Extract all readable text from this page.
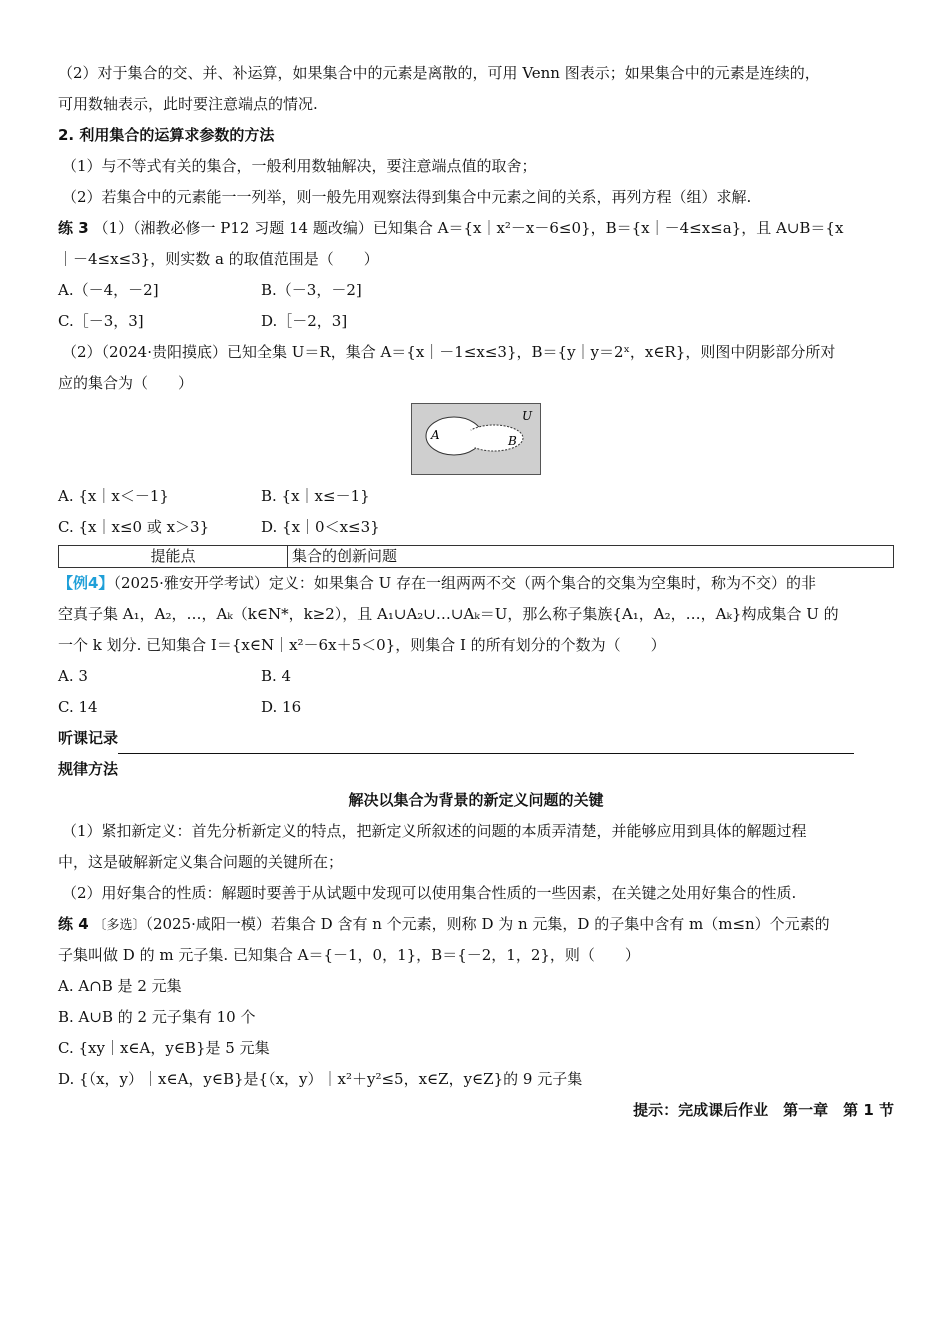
（2）对于集合的交、并、补运算，如果集合中的元素是离散的，可用 Venn 图表示；如果集合中的元素是连续的，
可用数轴表示，此时要注意端点的情况.
2. 利用集合的运算求参数的方法
（1）与不等式有关的集合，一般利用数轴解决，要注意端点值的取舍；
（2）若集合中的元素能一一列举，则一般先用观察法得到集合中元素之间的关系，再列方程（组）求解.
练 3 （1）（湘教必修一 P12 习题 14 题改编）已知集合 A＝{x｜x²－x－6≤0}，B＝{x｜－4≤x≤a}，且 A∪B＝{x
｜－4≤x≤3}，则实数 a 的取值范围是（　　）
A.（－4，－2]	B.（－3，－2]
C.［－3，3]	D.［－2，3]
（2）（2024·贵阳摸底）已知全集 U＝R，集合 A＝{x｜－1≤x≤3}，B＝{y｜y＝2ˣ，x∈R}，则图中阴影部分所对
应的集合为（　　）
U
A	B
A. {x｜x＜－1}	B. {x｜x≤－1}
C. {x｜x≤0 或 x＞3}	D. {x｜0＜x≤3}
提能点	集合的创新问题
【例4】（2025·雅安开学考试）定义：如果集合 U 存在一组两两不交（两个集合的交集为空集时，称为不交）的非
空真子集 A₁，A₂，…，Aₖ（k∈N*，k≥2），且 A₁∪A₂∪…∪Aₖ＝U，那么称子集族{A₁，A₂，…，Aₖ}构成集合 U 的
一个 k 划分. 已知集合 I＝{x∈N｜x²－6x＋5＜0}，则集合 I 的所有划分的个数为（　　）
A. 3	B. 4
C. 14	D. 16
听课记录
规律方法
解决以集合为背景的新定义问题的关键
（1）紧扣新定义：首先分析新定义的特点，把新定义所叙述的问题的本质弄清楚，并能够应用到具体的解题过程
中，这是破解新定义集合问题的关键所在；
（2）用好集合的性质：解题时要善于从试题中发现可以使用集合性质的一些因素，在关键之处用好集合的性质.
练 4 〔多选〕（2025·咸阳一模）若集合 D 含有 n 个元素，则称 D 为 n 元集，D 的子集中含有 m（m≤n）个元素的
子集叫做 D 的 m 元子集. 已知集合 A＝{－1，0，1}，B＝{－2，1，2}，则（　　）
A. A∩B 是 2 元集
B. A∪B 的 2 元子集有 10 个
C. {xy｜x∈A，y∈B}是 5 元集
D. {（x，y）｜x∈A，y∈B}是{（x，y）｜x²＋y²≤5，x∈Z，y∈Z}的 9 元子集
提示：完成课后作业　第一章　第 1 节
